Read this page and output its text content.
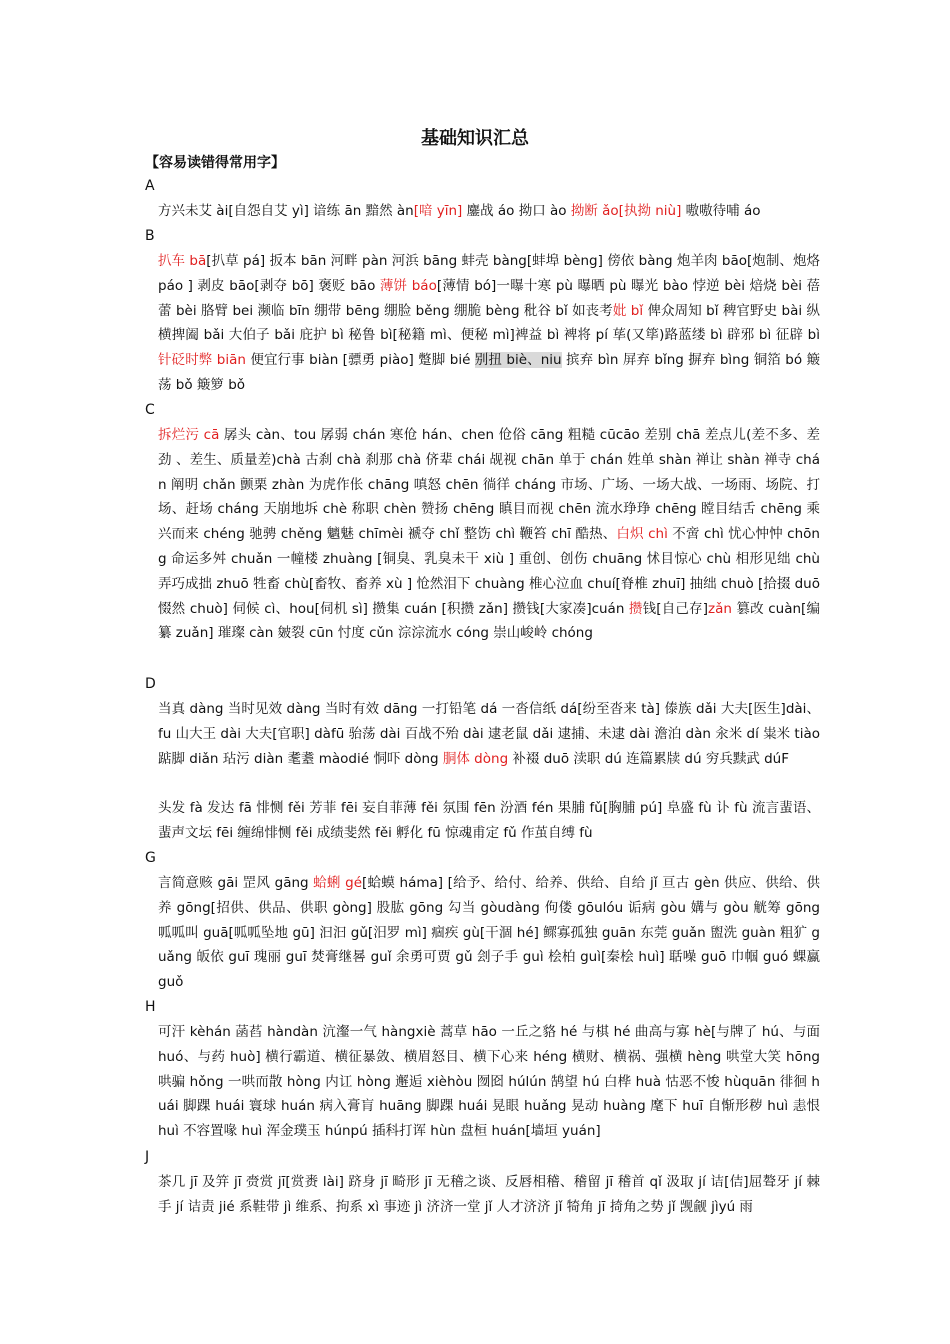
基础知识汇总
【容易读错得常用字】
A
方兴未艾 ài[自怨自艾 yì] 谙练 ān 黯然 àn[喑 yīn] 鏖战 áo 拗口 ào 拗断 ǎo[执拗 niù] 嗷嗷待哺 áo
B
扒车 bā[扒草 pá] 扳本 bān 河畔 pàn 河浜 bāng 蚌壳 bàng[蚌埠 bèng] 傍依 bàng 炮羊肉 bāo[炮制、炮烙 páo ] 剥皮 bāo[剥夺 bō] 褒贬 bāo 薄饼 báo[薄情 bó]一曝十寒 pù 曝晒 pù 曝光 bào 悖逆 bèi 焙烧 bèi 蓓蕾 bèi 胳臂 bei 濒临 bīn 绷带 bēng 绷脸 běng 绷脆 bèng 秕谷 bǐ 如丧考妣 bǐ 俾众周知 bǐ 稗官野史 bài 纵横捭阖 bǎi 大伯子 bǎi 庇护 bì 秘鲁 bì[秘籍 mì、便秘 mì]裨益 bì 裨将 pí 荜(又筚)路蓝缕 bì 辟邪 bì 征辟 bì 针砭时弊 biān 便宜行事 biàn [骠勇 piào] 蹩脚 bié 别扭 biè、niu 摈弃 bìn 屏弃 bǐng 摒弃 bìng 铜箔 bó 簸荡 bǒ 簸箩 bǒ
C
拆烂污 cā 孱头 càn、tou 孱弱 chán 寒伧 hán、chen 伧俗 cāng 粗糙 cūcāo 差别 chā 差点儿(差不多、差劲 、差生、质量差)chà 古刹 chà 刹那 chà 侪辈 chái 觇视 chān 单于 chán 姓单 shàn 禅让 shàn 禅寺 chán 阐明 chǎn 颤栗 zhàn 为虎作伥 chāng 嗔怒 chēn 徜徉 cháng 市场、广场、一场大战、一场雨、场院、打场、赶场 cháng 天崩地坼 chè 称职 chèn 赞扬 chēng 瞋目而视 chēn 流水琤琤 chēng 瞠目结舌 chēng 乘兴而来 chéng 驰骋 chěng 魑魅 chīmèi 褫夺 chǐ 整饬 chì 鞭笞 chī 酷热、白炽 chì 不啻 chì 忧心忡忡 chōng 命运多舛 chuǎn 一幢楼 zhuàng [铜臭、乳臭未干 xiù ] 重创、创伤 chuāng 怵目惊心 chù 相形见绌 chù 弄巧成拙 zhuō 牲畜 chù[畜牧、畜养 xù ] 怆然泪下 chuàng 椎心泣血 chuí[脊椎 zhuī] 抽绌 chuò [拾掇 duō 惙然 chuò] 伺候 cì、hou[伺机 sì] 攒集 cuán [积攒 zǎn] 攒钱[大家凑]cuán 攒钱[自己存]zǎn 篡改 cuàn[编纂 zuǎn] 璀璨 càn 皴裂 cūn 忖度 cǔn 淙淙流水 cóng 崇山峻岭 chóng
D
当真 dàng 当时见效 dàng 当时有效 dāng 一打铅笔 dá 一沓信纸 dá[纷至沓来 tà] 傣族 dǎi 大夫[医生]dài、fu 山大王 dài 大夫[官职] dàfū 骀荡 dài 百战不殆 dài 逮老鼠 dǎi 逮捕、未逮 dài 澹泊 dàn 汆米 dí 粜米 tiào 踮脚 diǎn 玷污 diàn 耄耋 màodié 恫吓 dòng 胴体 dòng 补裰 duō 渎职 dú 连篇累牍 dú 穷兵黩武 dúF
头发 fà 发达 fā 悱恻 fěi 芳菲 fēi 妄自菲薄 fěi 氛围 fēn 汾酒 fén 果脯 fǔ[胸脯 pú] 阜盛 fù 讣 fù 流言蜚语、蜚声文坛 fēi 缠绵悱恻 fěi 成绩斐然 fěi 孵化 fū 惊魂甫定 fǔ 作茧自缚 fù
G
言简意赅 gāi 罡风 gāng 蛤蜊 gé[蛤蟆 háma] [给予、给付、给养、供给、自给 jǐ 亘古 gèn 供应、供给、供养 gōng[招供、供品、供职 gòng] 股肱 gōng 勾当 gòudàng 佝偻 gōulóu 诟病 gòu 媾与 gòu 觥筹 gōng 呱呱叫 guā[呱呱坠地 gū] 汩汩 gǔ[汨罗 mì] 痼疾 gù[干涸 hé] 鳏寡孤独 guān 东莞 guǎn 盥洗 guàn 粗犷 guǎng 皈依 guī 瑰丽 guī 焚膏继晷 guǐ 余勇可贾 gǔ 刽子手 guì 桧柏 guì[秦桧 huì] 聒噪 guō 巾帼 guó 蜾蠃 guǒ
H
可汗 kèhán 菡萏 hàndàn 沆瀣一气 hàngxiè 蒿草 hāo 一丘之貉 hé 与棋 hé 曲高与寡 hè[与牌了 hú、与面 huó、与药 huò] 横行霸道、横征暴敛、横眉怒目、横下心来 héng 横财、横祸、强横 hèng 哄堂大笑 hōng 哄骗 hǒng 一哄而散 hòng 内讧 hòng 邂逅 xièhòu 囫囵 húlún 鹄望 hú 白桦 huà 怙恶不悛 hùquān 徘徊 huái 脚踝 huái 寰球 huán 病入膏肓 huāng 脚踝 huái 晃眼 huǎng 晃动 huàng 麾下 huī 自惭形秽 huì 恚恨 huì 不容置喙 huì 浑金璞玉 húnpú 插科打诨 hùn 盘桓 huán[墙垣 yuán]
J
茶几 jī 及笄 jī 赍赏 jī[赏赉 lài] 跻身 jī 畸形 jī 无稽之谈、反唇相稽、稽留 jī 稽首 qǐ 汲取 jí 诘[佶]屈聱牙 jí 棘手 jí 诘责 jié 系鞋带 jì 维系、拘系 xì 事迹 jì 济济一堂 jǐ 人才济济 jǐ 犄角 jī 掎角之势 jǐ 觊觎 jìyú 雨
